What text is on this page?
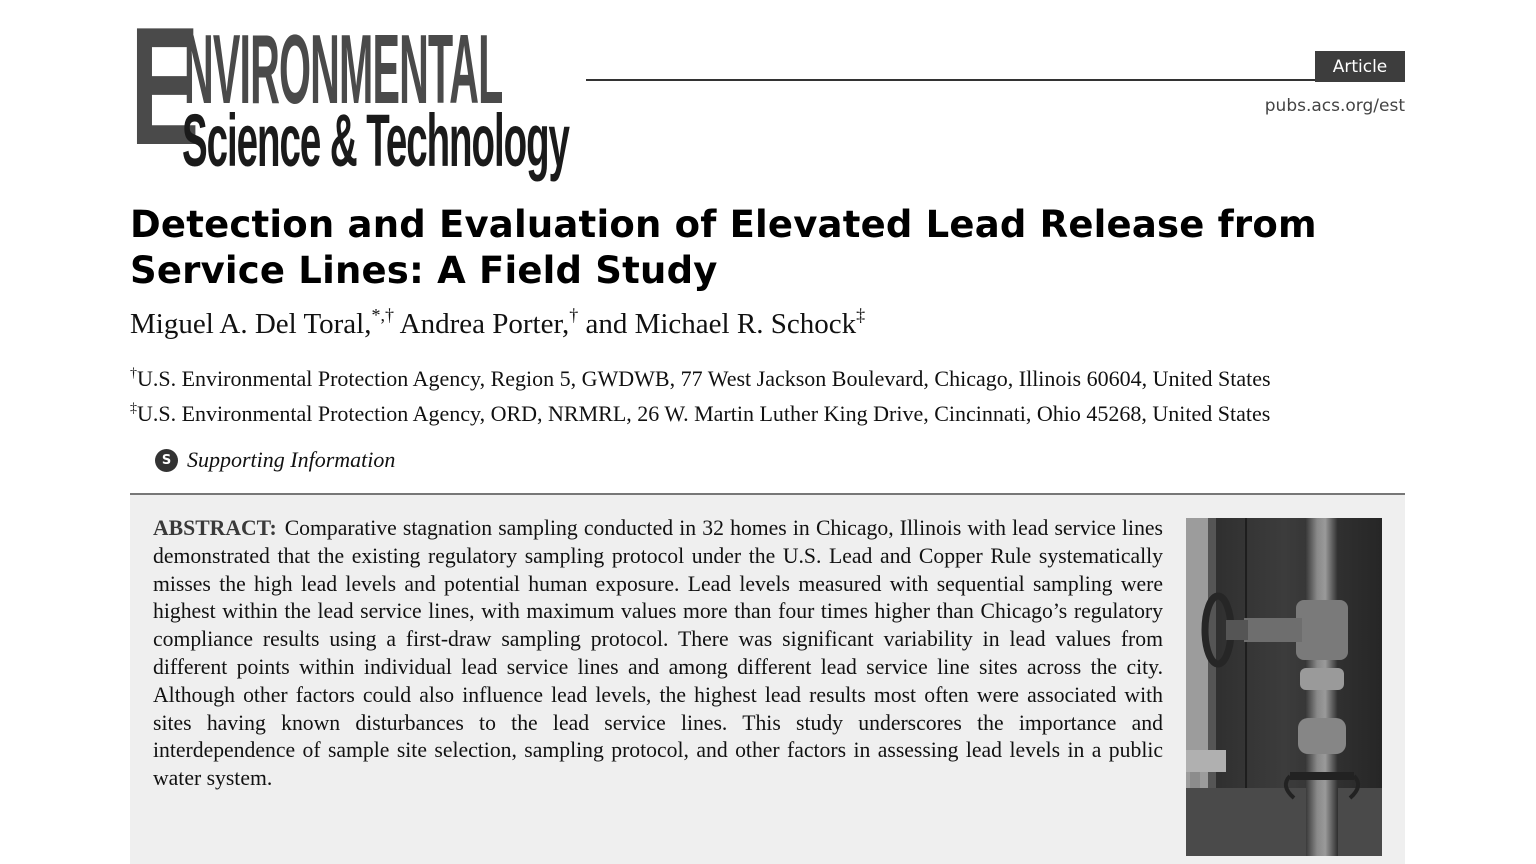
E
NVIRONMENTAL
Science & Technology
Article
pubs.acs.org/est
Detection and Evaluation of Elevated Lead Release from Service Lines: A Field Study
Miguel A. Del Toral,*,† Andrea Porter,† and Michael R. Schock‡
†U.S. Environmental Protection Agency, Region 5, GWDWB, 77 West Jackson Boulevard, Chicago, Illinois 60604, United States
‡U.S. Environmental Protection Agency, ORD, NRMRL, 26 W. Martin Luther King Drive, Cincinnati, Ohio 45268, United States
S Supporting Information

ABSTRACT: Comparative stagnation sampling conducted in 32 homes in Chicago, Illinois with lead service lines demonstrated that the existing regulatory sampling protocol under the U.S. Lead and Copper Rule systematically misses the high lead levels and potential human exposure. Lead levels measured with sequential sampling were highest within the lead service lines, with maximum values more than four times higher than Chicago’s regulatory compliance results using a first-draw sampling protocol. There was significant variability in lead values from different points within individual lead service lines and among different lead service line sites across the city. Although other factors could also influence lead levels, the highest lead results most often were associated with sites having known disturbances to the lead service lines. This study underscores the importance and interdependence of sample site selection, sampling protocol, and other factors in assessing lead levels in a public water system.
